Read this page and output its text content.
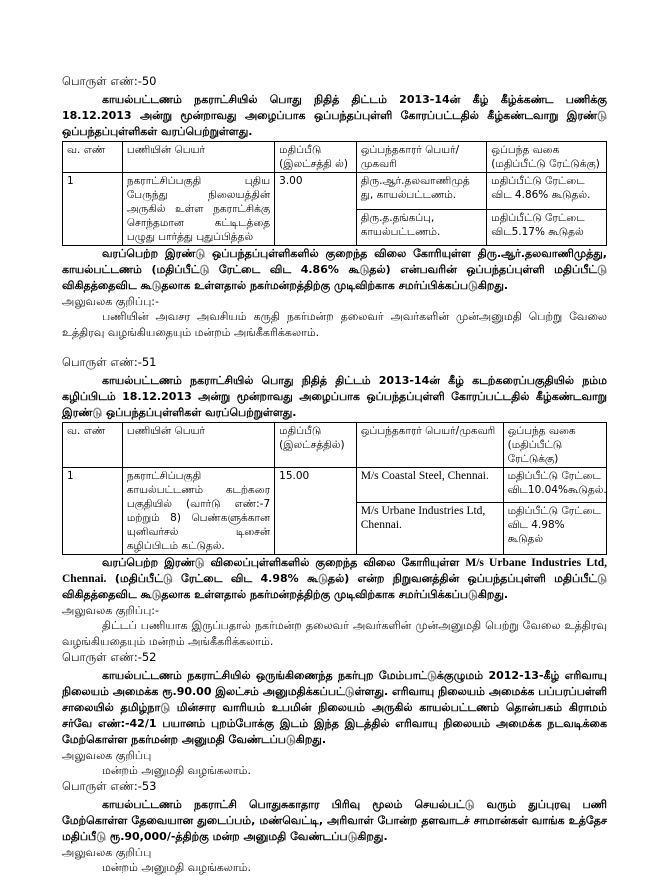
பொருள் எண்:-50

காயல்பட்டணம் நகராட்சியில் பொது நிதித் திட்டம் 2013-14ன் கீழ் கீழ்க்கண்ட பணிக்கு 18.12.2013 அன்று மூன்றாவது அழைப்பாக ஒப்பந்தப்புள்ளி கோரப்பட்டதில் கீழ்கண்டவாறு இரண்டு ஒப்பந்தப்புள்ளிகள் வரப்பெற்றுள்ளது.

வ. எண்	பணியின் பெயர்	மதிப்பீடு (இலட்சத்தி ல்)	ஒப்பந்தகாரர் பெயர்/முகவரி	ஒப்பந்த வகை (மதிப்பீட்டு ரேட்டுக்கு)
1	நகராட்சிப்பகுதி புதிய பேருந்து நிலையத்தின் அருகில் உள்ள நகராட்சிக்கு சொந்தமான கட்டிடத்தை பழுது பார்த்து புதுப்பித்தல்	3.00	திரு.ஆர்.தலவாணிமுத் து, காயல்பட்டணம்.	மதிப்பீட்டு ரேட்டை விட 4.86% கூடுதல்.
			திரு.த.தங்கப்பு, காயல்பட்டணம்.	மதிப்பீட்டு ரேட்டை விட5.17% கூடுதல்

வரப்பெற்ற இரண்டு ஒப்பந்தப்புள்ளிகளில் குறைந்த விலை கோரியுள்ள திரு.ஆர்.தலவாணிமுத்து, காயல்பட்டணம் (மதிப்பீட்டு ரேட்டை விட 4.86% கூடுதல்) என்பவரின் ஒப்பந்தப்புள்ளி மதிப்பீட்டு விகிதத்தைவிட கூடுதலாக உள்ளதால் நகர்மன்றத்திற்கு முடிவிற்காக சமர்ப்பிக்கப்படுகிறது.

அலுவலக குறிப்பு:-

பணியின் அவசர அவசியம் கருதி நகர்மன்ற தலைவர் அவர்களின் முன்அனுமதி பெற்று வேலை உத்திரவு வழங்கியதையும் மன்றம் அங்கீகரிக்கலாம்.

பொருள் எண்:-51

காயல்பட்டணம் நகராட்சியில் பொது நிதித் திட்டம் 2013-14ன் கீழ் கடற்கரைப்பகுதியில் நம்ம கழிப்பிடம் 18.12.2013 அன்று மூன்றாவது அழைப்பாக ஒப்பந்தப்புள்ளி கோரப்பட்டதில் கீழ்கண்டவாறு இரண்டு ஒப்பந்தப்புள்ளிகள் வரப்பெற்றுள்ளது.

வ. எண்	பணியின் பெயர்	மதிப்பீடு (இலட்சத்தில்)	ஒப்பந்தகாரர் பெயர்/முகவரி	ஒப்பந்த வகை (மதிப்பீட்டு ரேட்டுக்கு)
1	நகராட்சிப்பகுதி காயல்பட்டணம் கடற்கரை பகுதியில் (வார்டு எண்:-7 மற்றும் 8) பெண்களுக்கான யுனிவர்சல் டிசைன் கழிப்பிடம் கட்டுதல்.	15.00	M/s Coastal Steel, Chennai.	மதிப்பீட்டு ரேட்டை விட10.04%கூடுதல்.
			M/s Urbane Industries Ltd, Chennai.	மதிப்பீட்டு ரேட்டை விட 4.98% கூடுதல்

வரப்பெற்ற இரண்டு விலைப்புள்ளிகளில் குறைந்த விலை கோரியுள்ள M/s Urbane Industries Ltd, Chennai. (மதிப்பீட்டு ரேட்டை விட 4.98% கூடுதல்) என்ற நிறுவனத்தின் ஒப்பந்தப்புள்ளி மதிப்பீட்டு விகிதத்தைவிட கூடுதலாக உள்ளதால் நகர்மன்றத்திற்கு முடிவிற்காக சமர்ப்பிக்கப்படுகிறது.

அலுவலக குறிப்பு:-

திட்டப் பணியாக இருப்பதால் நகர்மன்ற தலைவர் அவர்களின் முன்அனுமதி பெற்று வேலை உத்திரவு வழங்கியதையும் மன்றம் அங்கீகரிக்கலாம்.

பொருள் எண்:-52

காயல்பட்டணம் நகராட்சியில் ஒருங்கிணைந்த நகர்புற மேம்பாட்டுக்குழுமம் 2012-13-கீழ் எரிவாயு நிலையம் அமைக்க ரூ.90.00 இலட்சம் அனுமதிக்கப்பட்டுள்ளது. எரிவாயு நிலையம் அமைக்க பப்பரப்பள்ளி சாலையில் தமிழ்நாடு மின்சார வாரியம் உபமின் நிலையம் அருகில் காயல்பட்டணம் தொன்பகம் கிராமம் சர்வே எண்:-42/1 பயானம் புறம்போக்கு இடம் இந்த இடத்தில் எரிவாயு நிலையம் அமைக்க நடவடிக்கை மேற்கொள்ள நகர்மன்ற அனுமதி வேண்டப்படுகிறது.

அலுவலக குறிப்பு

மன்றம் அனுமதி வழங்கலாம்.

பொருள் எண்:-53

காயல்பட்டணம் நகராட்சி பொதுசுகாதார பிரிவு மூலம் செயல்பட்டு வரும் துப்புரவு பணி மேற்கொள்ள தேவையான துடைப்பம், மண்வெட்டி, அரிவாள் போன்ற தளவாடச் சாமான்கள் வாங்க உத்தேச மதிப்பீடு ரூ.90,000/-த்திற்கு மன்ற அனுமதி வேண்டப்படுகிறது.

அலுவலக குறிப்பு

மன்றம் அனுமதி வழங்கலாம்.
